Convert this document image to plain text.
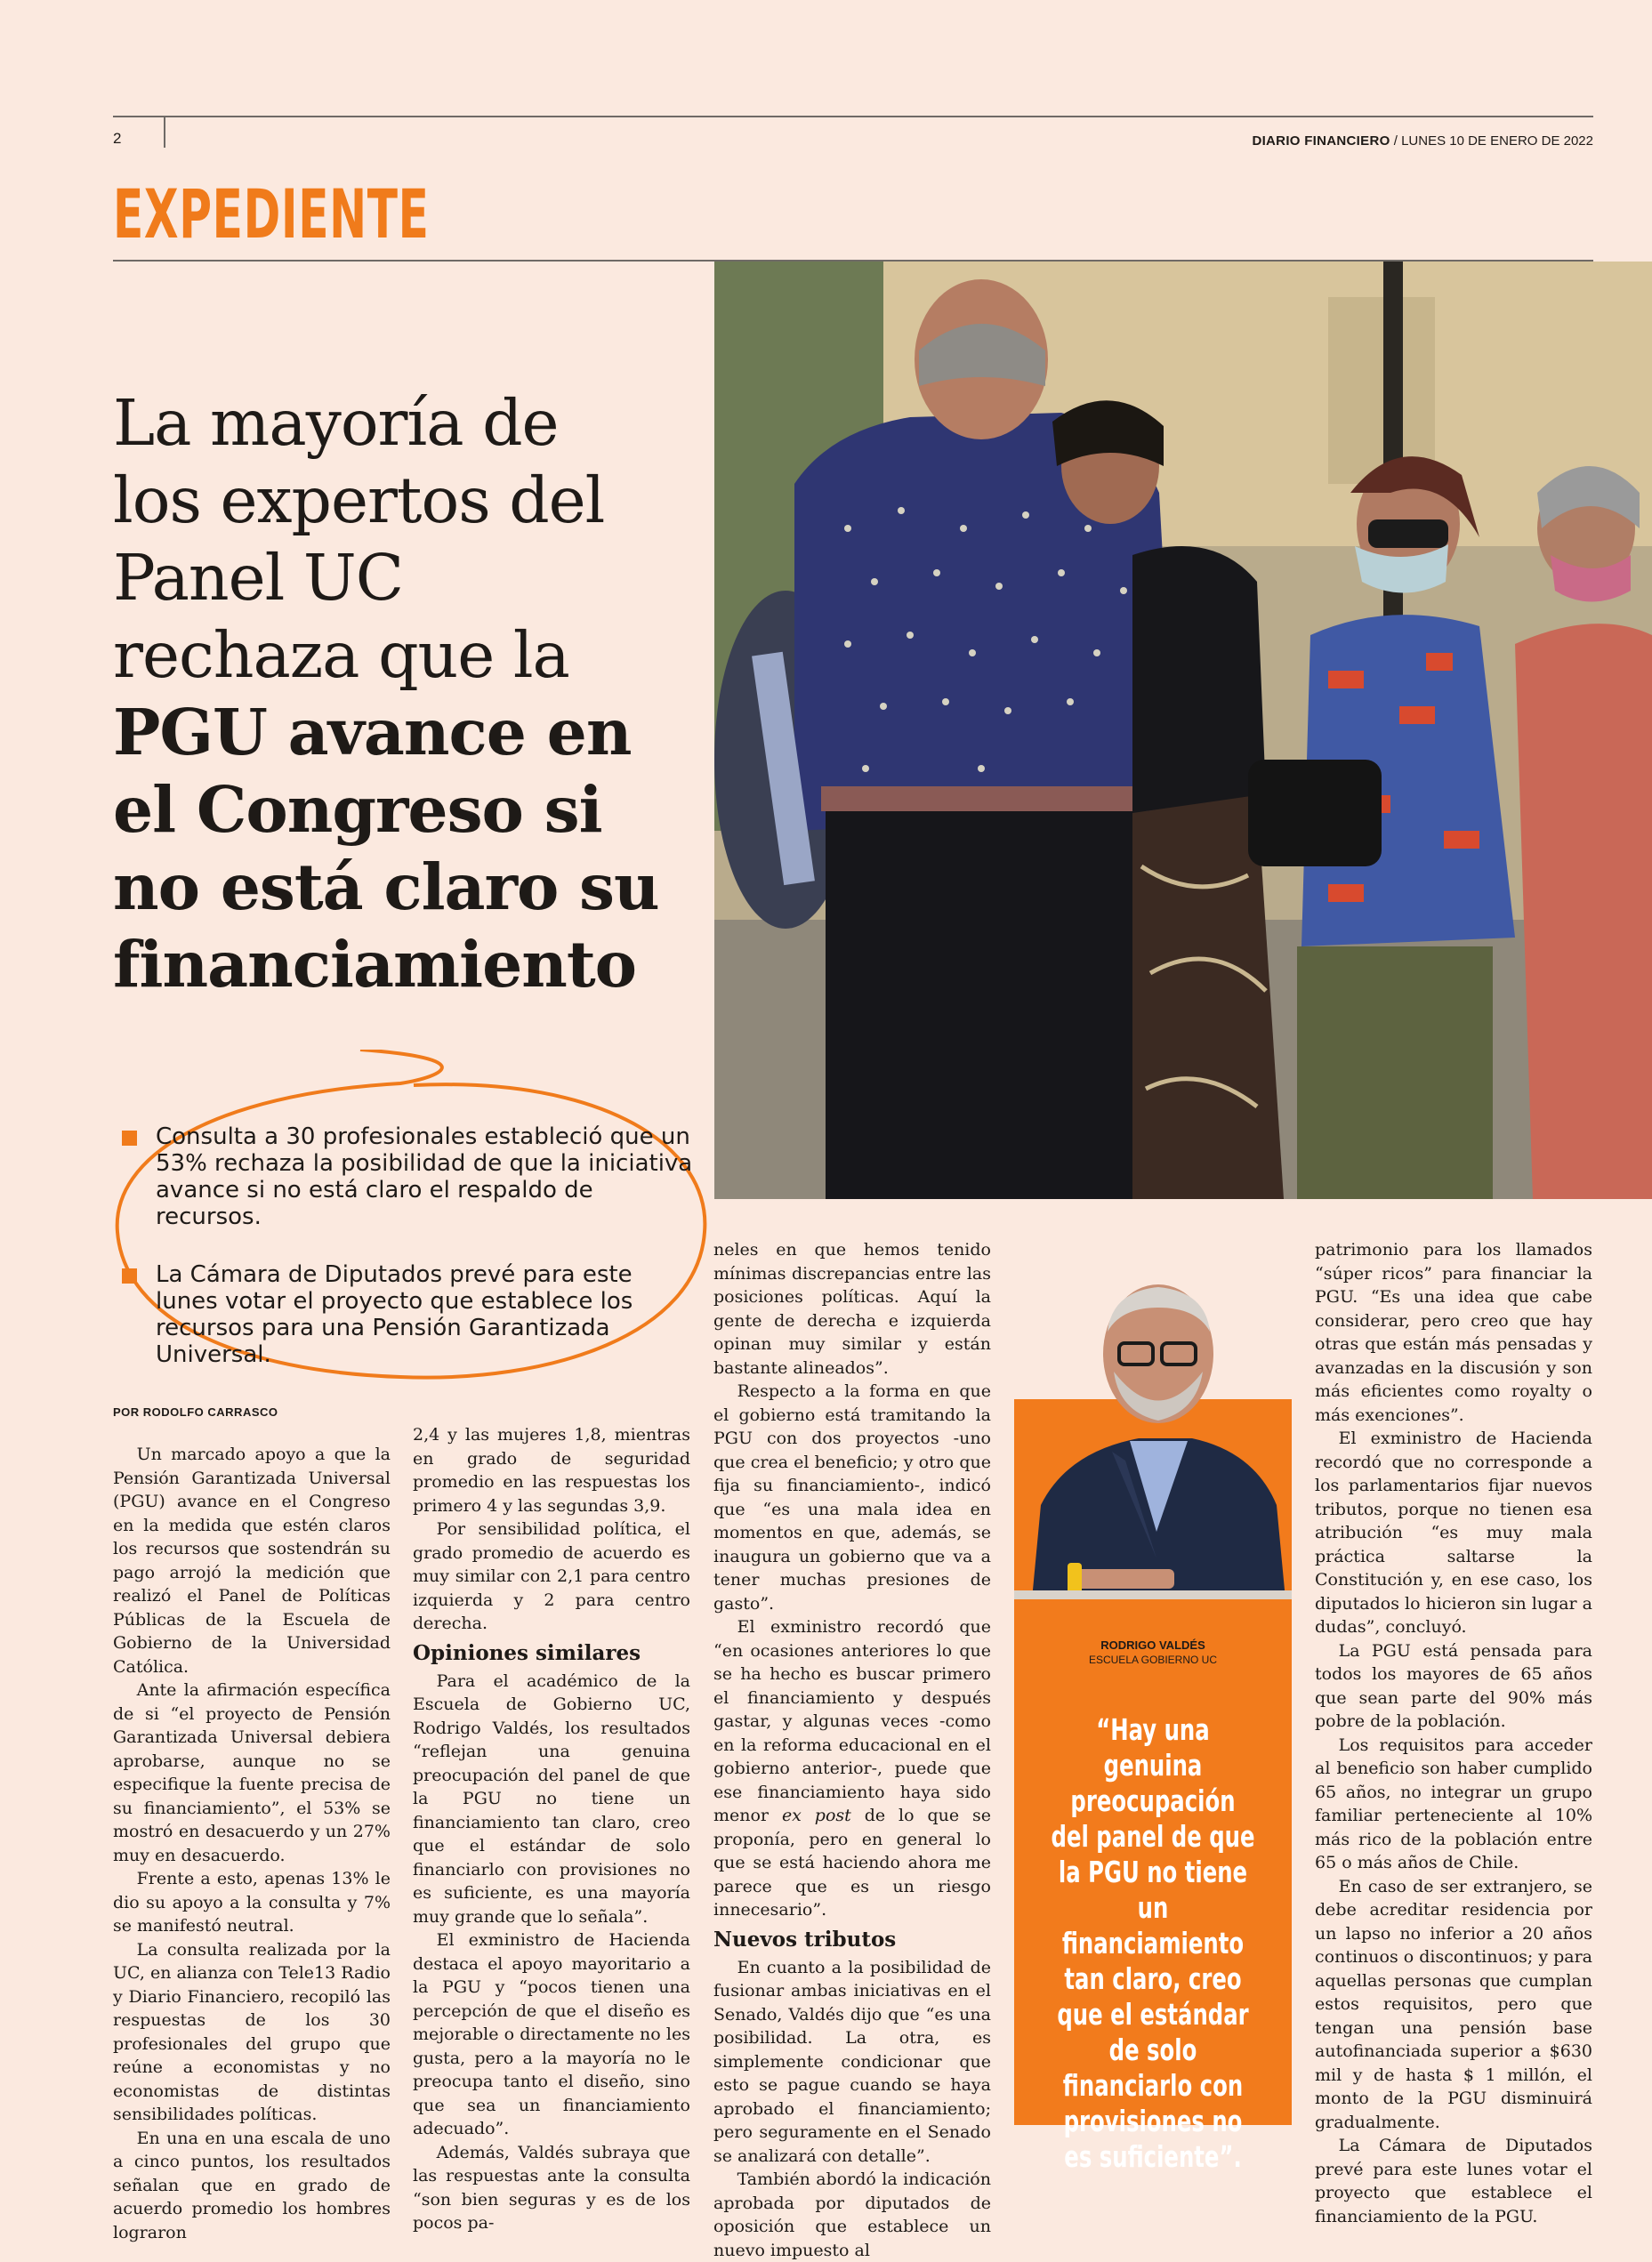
2	DIARIO FINANCIERO / LUNES 10 DE ENERO DE 2022
EXPEDIENTE
La mayoría de
los expertos del
Panel UC
rechaza que la
PGU avance en
el Congreso si
no está claro su
financiamiento
Consulta a 30 profesionales estableció que un 53% rechaza la posibilidad de que la iniciativa avance si no está claro el respaldo de recursos.
La Cámara de Diputados prevé para este lunes votar el proyecto que establece los recursos para una Pensión Garantizada Universal.
POR RODOLFO CARRASCO

Un marcado apoyo a que la Pensión Garantizada Universal (PGU) avance en el Congreso en la medida que estén claros los recursos que sostendrán su pago arrojó la medición que realizó el Panel de Políticas Públicas de la Escuela de Gobierno de la Universidad Católica.

Ante la afirmación específica de si “el proyecto de Pensión Garantizada Universal debiera aprobarse, aunque no se especifique la fuente precisa de su financiamiento”, el 53% se mostró en desacuerdo y un 27% muy en desacuerdo.

Frente a esto, apenas 13% le dio su apoyo a la consulta y 7% se manifestó neutral.

La consulta realizada por la UC, en alianza con Tele13 Radio y Diario Financiero, recopiló las respuestas de los 30 profesionales del grupo que reúne a economistas y no economistas de distintas sensibilidades políticas.

En una en una escala de uno a cinco puntos, los resultados señalan que en grado de acuerdo promedio los hombres lograron

2,4 y las mujeres 1,8, mientras en grado de seguridad promedio en las respuestas los primero 4 y las segundas 3,9.

Por sensibilidad política, el grado promedio de acuerdo es muy similar con 2,1 para centro izquierda y 2 para centro derecha.

Opiniones similares

Para el académico de la Escuela de Gobierno UC, Rodrigo Valdés, los resultados “reflejan una genuina preocupación del panel de que la PGU no tiene un financiamiento tan claro, creo que el estándar de solo financiarlo con provisiones no es suficiente, es una mayoría muy grande que lo señala”.

El exministro de Hacienda destaca el apoyo mayoritario a la PGU y “pocos tienen una percepción de que el diseño es mejorable o directamente no les gusta, pero a la mayoría no le preocupa tanto el diseño, sino que sea un financiamiento adecuado”.

Además, Valdés subraya que las respuestas ante la consulta “son bien seguras y es de los pocos pa-

neles en que hemos tenido mínimas discrepancias entre las posiciones políticas. Aquí la gente de derecha e izquierda opinan muy similar y están bastante alineados”.

Respecto a la forma en que el gobierno está tramitando la PGU con dos proyectos -uno que crea el beneficio; y otro que fija su financiamiento-, indicó que “es una mala idea en momentos en que, además, se inaugura un gobierno que va a tener muchas presiones de gasto”.

El exministro recordó que “en ocasiones anteriores lo que se ha hecho es buscar primero el financiamiento y después gastar, y algunas veces -como en la reforma educacional en el gobierno anterior-, puede que ese financiamiento haya sido menor ex post de lo que se proponía, pero en general lo que se está haciendo ahora me parece que es un riesgo innecesario”.

Nuevos tributos

En cuanto a la posibilidad de fusionar ambas iniciativas en el Senado, Valdés dijo que “es una posibilidad. La otra, es simplemente condicionar que esto se pague cuando se haya aprobado el financiamiento; pero seguramente en el Senado se analizará con detalle”.

También abordó la indicación aprobada por diputados de oposición que establece un nuevo impuesto al

RODRIGO VALDÉS
ESCUELA GOBIERNO UC

“Hay una genuina preocupación del panel de que la PGU no tiene un financiamiento tan claro, creo que el estándar de solo financiarlo con provisiones no es suficiente”.

patrimonio para los llamados “súper ricos” para financiar la PGU. “Es una idea que cabe considerar, pero creo que hay otras que están más pensadas y avanzadas en la discusión y son más eficientes como royalty o más exenciones”.

El exministro de Hacienda recordó que no corresponde a los parlamentarios fijar nuevos tributos, porque no tienen esa atribución “es muy mala práctica saltarse la Constitución y, en ese caso, los diputados lo hicieron sin lugar a dudas”, concluyó.

La PGU está pensada para todos los mayores de 65 años que sean parte del 90% más pobre de la población.

Los requisitos para acceder al beneficio son haber cumplido 65 años, no integrar un grupo familiar perteneciente al 10% más rico de la población entre 65 o más años de Chile.

En caso de ser extranjero, se debe acreditar residencia por un lapso no inferior a 20 años continuos o discontinuos; y para aquellas personas que cumplan estos requisitos, pero que tengan una pensión base autofinanciada superior a $630 mil y de hasta $ 1 millón, el monto de la PGU disminuirá gradualmente.

La Cámara de Diputados prevé para este lunes votar el proyecto que establece el financiamiento de la PGU.
